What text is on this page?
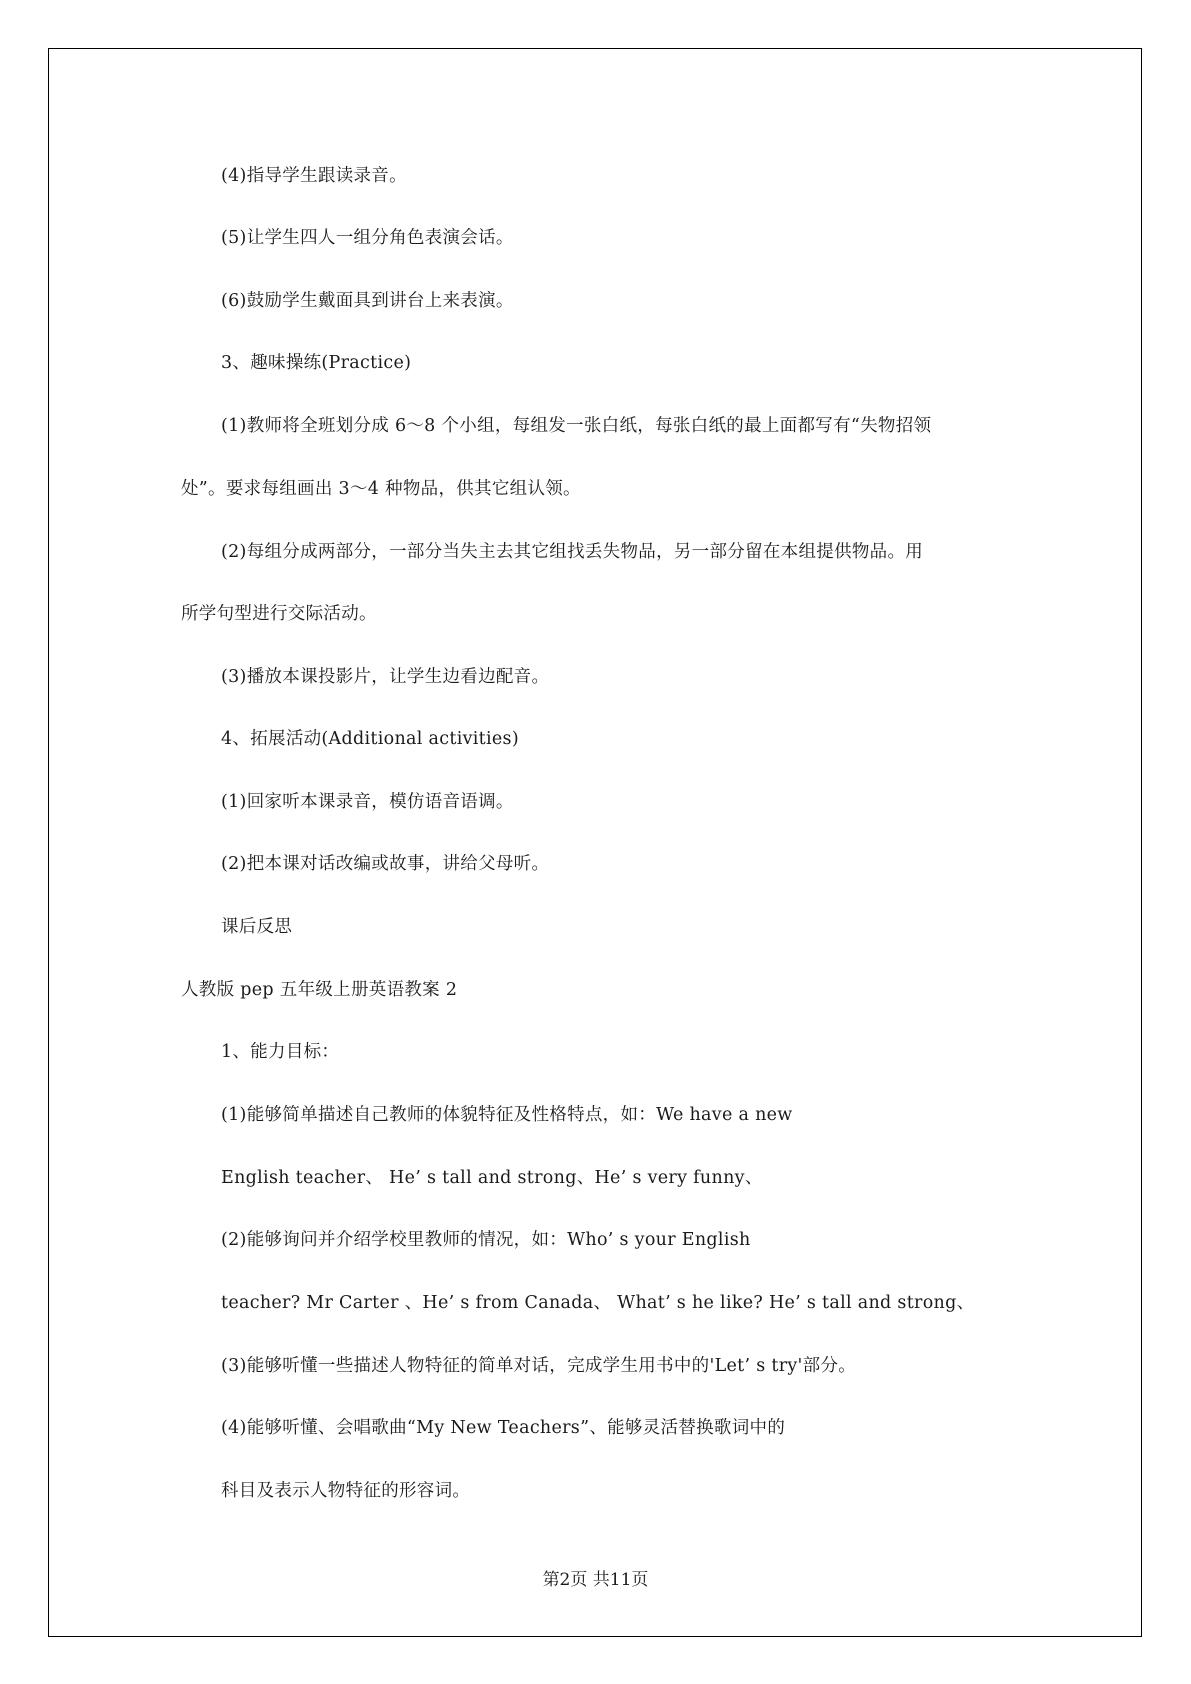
(4)指导学生跟读录音。
(5)让学生四人一组分角色表演会话。
(6)鼓励学生戴面具到讲台上来表演。
3、趣味操练(Practice)
(1)教师将全班划分成 6～8 个小组，每组发一张白纸，每张白纸的最上面都写有“失物招领
处”。要求每组画出 3～4 种物品，供其它组认领。
(2)每组分成两部分，一部分当失主去其它组找丢失物品，另一部分留在本组提供物品。用
所学句型进行交际活动。
(3)播放本课投影片，让学生边看边配音。
4、拓展活动(Additional activities)
(1)回家听本课录音，模仿语音语调。
(2)把本课对话改编或故事，讲给父母听。
课后反思
人教版 pep 五年级上册英语教案 2
1、能力目标：
(1)能够简单描述自己教师的体貌特征及性格特点，如：We have a new
English teacher、 He’ s tall and strong、He’ s very funny、
(2)能够询问并介绍学校里教师的情况，如：Who’ s your English
teacher? Mr Carter 、He’ s from Canada、 What’ s he like? He’ s tall and strong、
(3)能够听懂一些描述人物特征的简单对话，完成学生用书中的'Let’ s try'部分。
(4)能够听懂、会唱歌曲“My New Teachers”、能够灵活替换歌词中的
科目及表示人物特征的形容词。
第2页 共11页
